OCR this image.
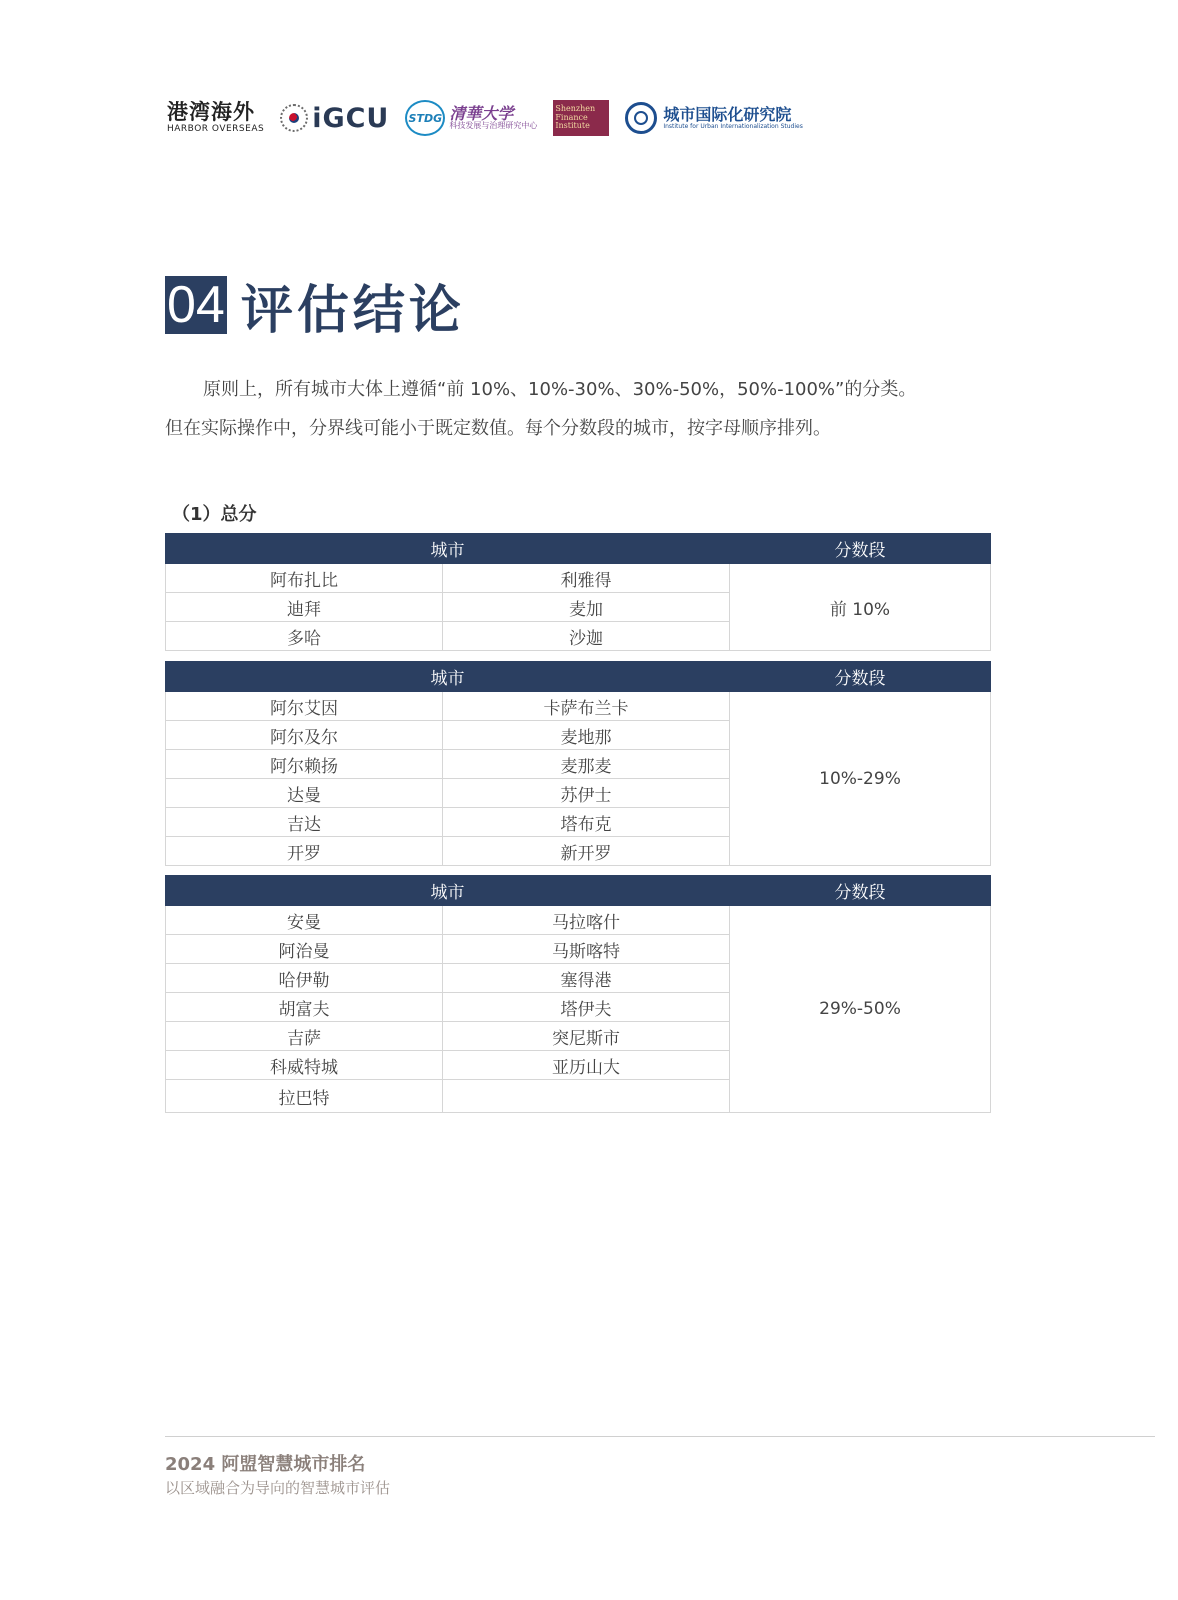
港湾海外
HARBOR OVERSEAS iGCU STDG 清華大学
科技发展与治理研究中心
Shenzhen Finance Institute
城市国际化研究院
Institute for Urban Internationalization Studies
04 评估结论

原则上，所有城市大体上遵循“前 10%、10%-30%、30%-50%，50%-100%”的分类。

但在实际操作中，分界线可能小于既定数值。每个分数段的城市，按字母顺序排列。

（1）总分
城市		分数段
阿布扎比	利雅得	前 10%
迪拜	麦加	
多哈	沙迦	
城市		分数段
阿尔艾因	卡萨布兰卡	10%-29%
阿尔及尔	麦地那	
阿尔赖扬	麦那麦	
达曼	苏伊士	
吉达	塔布克	
开罗	新开罗	
城市		分数段
安曼	马拉喀什	29%-50%
阿治曼	马斯喀特	
哈伊勒	塞得港	
胡富夫	塔伊夫	
吉萨	突尼斯市	
科威特城	亚历山大	
拉巴特		
2024 阿盟智慧城市排名
以区域融合为导向的智慧城市评估
